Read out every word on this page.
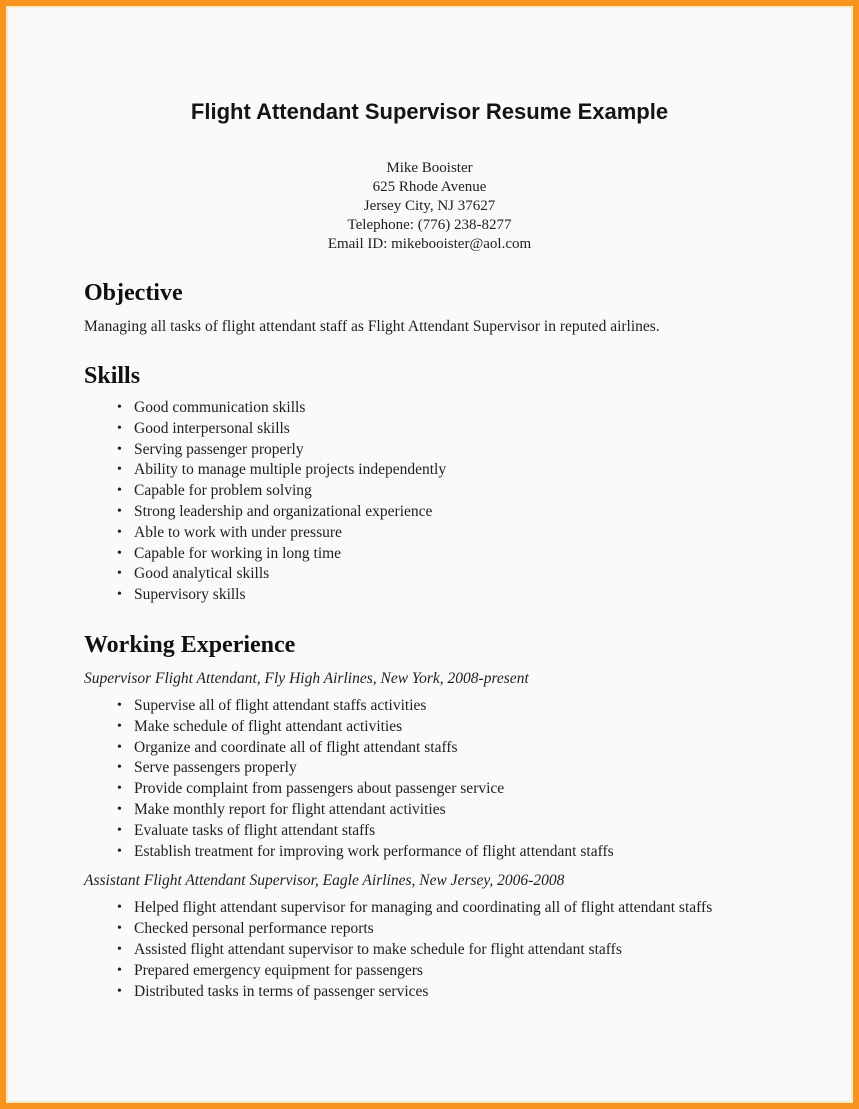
Flight Attendant Supervisor Resume Example
Mike Booister
625 Rhode Avenue
Jersey City, NJ 37627
Telephone: (776) 238-8277
Email ID: mikebooister@aol.com
Objective

Managing all tasks of flight attendant staff as Flight Attendant Supervisor in reputed airlines.

Skills
• Good communication skills
• Good interpersonal skills
• Serving passenger properly
• Ability to manage multiple projects independently
• Capable for problem solving
• Strong leadership and organizational experience
• Able to work with under pressure
• Capable for working in long time
• Good analytical skills
• Supervisory skills
Working Experience

Supervisor Flight Attendant, Fly High Airlines, New York, 2008-present

• Supervise all of flight attendant staffs activities
• Make schedule of flight attendant activities
• Organize and coordinate all of flight attendant staffs
• Serve passengers properly
• Provide complaint from passengers about passenger service
• Make monthly report for flight attendant activities
• Evaluate tasks of flight attendant staffs
• Establish treatment for improving work performance of flight attendant staffs

Assistant Flight Attendant Supervisor, Eagle Airlines, New Jersey, 2006-2008

• Helped flight attendant supervisor for managing and coordinating all of flight attendant staffs
• Checked personal performance reports
• Assisted flight attendant supervisor to make schedule for flight attendant staffs
• Prepared emergency equipment for passengers
• Distributed tasks in terms of passenger services
